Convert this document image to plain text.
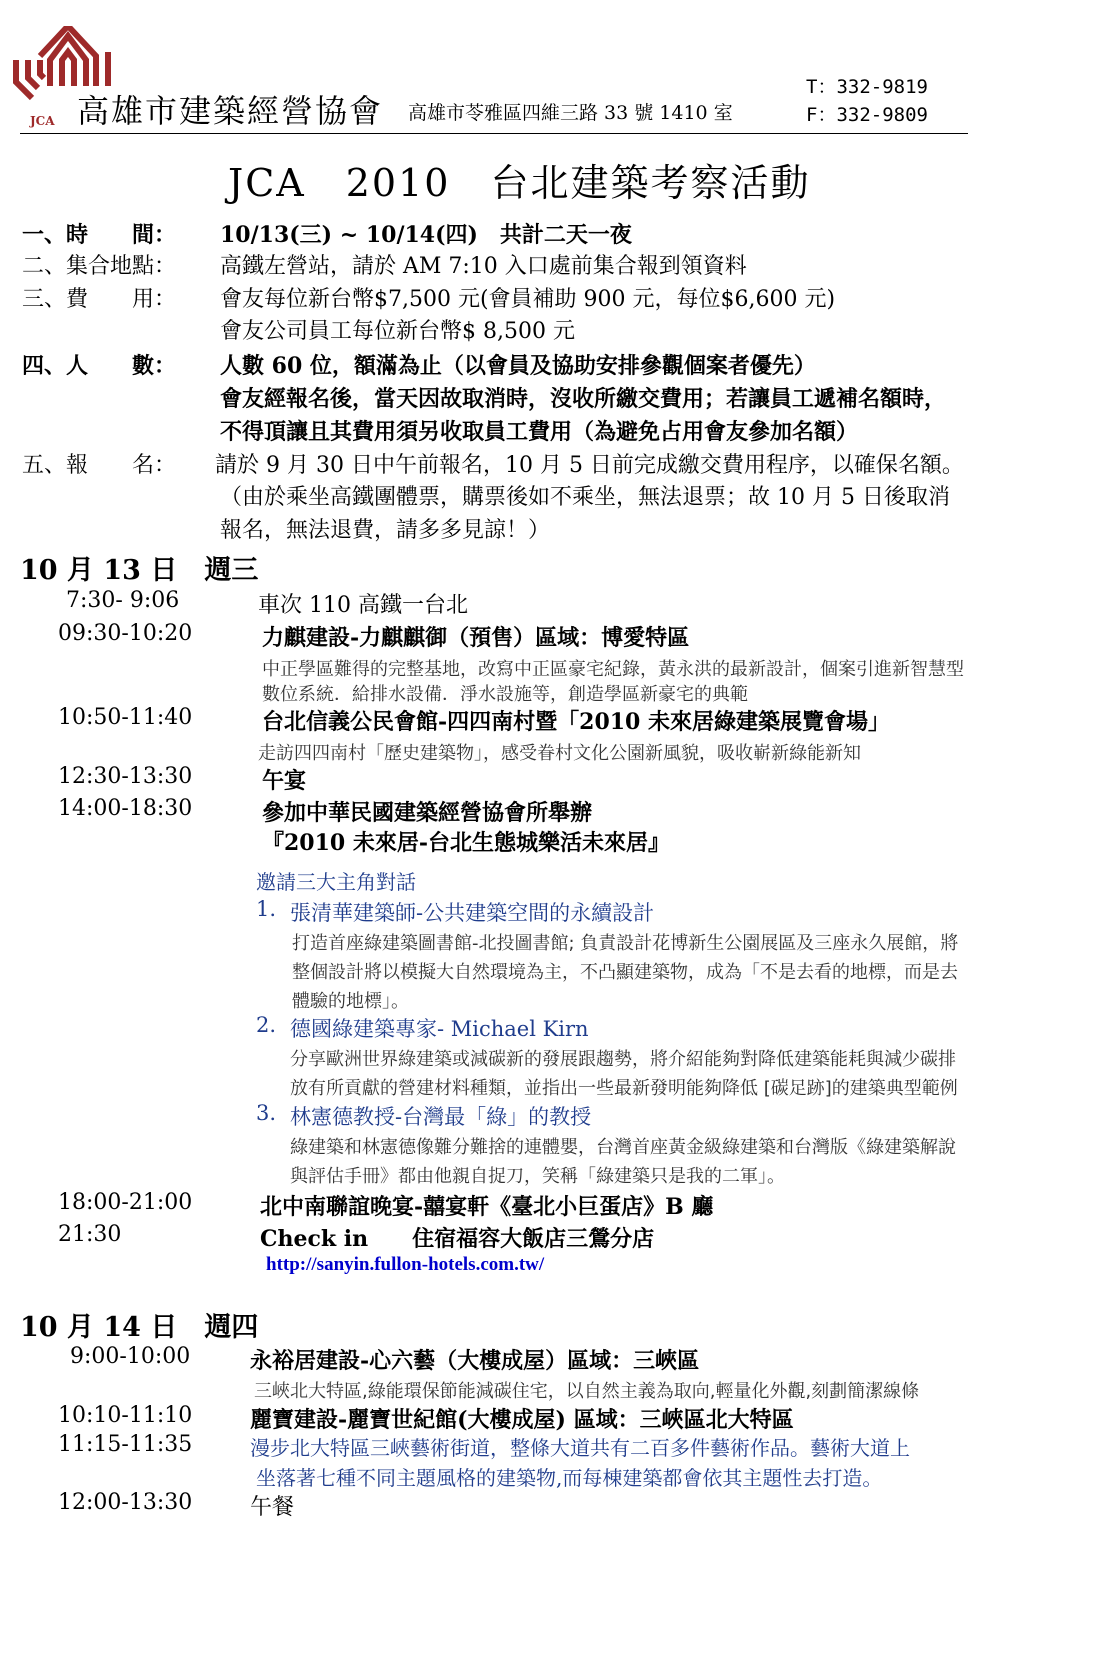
JCA 高雄市建築經營協會 高雄市苓雅區四維三路 33 號 1410 室
T：332-9819
F：332-9809
JCA　2010　台北建築考察活動
一、時　　間：	10/13(三) ~ 10/14(四)　共計二天一夜
二、集合地點：	高鐵左營站，請於 AM 7:10 入口處前集合報到領資料
三、費　　用：	會友每位新台幣$7,500 元(會員補助 900 元，每位$6,600 元)
會友公司員工每位新台幣$ 8,500 元
四、人　　數：	人數 60 位，額滿為止（以會員及協助安排參觀個案者優先）
會友經報名後，當天因故取消時，沒收所繳交費用；若讓員工遞補名額時，
不得頂讓且其費用須另收取員工費用（為避免占用會友參加名額）
五、報　　名：	請於 9 月 30 日中午前報名，10 月 5 日前完成繳交費用程序，以確保名額。
（由於乘坐高鐵團體票，購票後如不乘坐，無法退票；故 10 月 5 日後取消
報名，無法退費，請多多見諒！）
10 月 13 日　週三
7:30- 9:06	車次 110 高鐵一台北
09:30-10:20	力麒建設-力麒麒御（預售）區域：博愛特區
中正學區難得的完整基地，改寫中正區豪宅紀錄，黃永洪的最新設計，個案引進新智慧型
數位系統．給排水設備．淨水設施等，創造學區新豪宅的典範
10:50-11:40	台北信義公民會館-四四南村暨「2010 未來居綠建築展覽會場」
走訪四四南村「歷史建築物」，感受眷村文化公園新風貌，吸收嶄新綠能新知
12:30-13:30	午宴
14:00-18:30	參加中華民國建築經營協會所舉辦
『2010 未來居-台北生態城樂活未來居』
邀請三大主角對話
1. 張清華建築師-公共建築空間的永續設計
打造首座綠建築圖書館-北投圖書館; 負責設計花博新生公園展區及三座永久展館，將
整個設計將以模擬大自然環境為主，不凸顯建築物，成為「不是去看的地標，而是去
體驗的地標」。
2. 德國綠建築專家- Michael Kirn
分享歐洲世界綠建築或減碳新的發展跟趨勢，將介紹能夠對降低建築能耗與減少碳排
放有所貢獻的營建材料種類，並指出一些最新發明能夠降低 [碳足跡]的建築典型範例
3. 林憲德教授-台灣最「綠」的教授
綠建築和林憲德像難分難捨的連體嬰，台灣首座黃金級綠建築和台灣版《綠建築解說
與評估手冊》都由他親自捉刀，笑稱「綠建築只是我的二軍」。
18:00-21:00	北中南聯誼晚宴-囍宴軒《臺北小巨蛋店》B 廳
21:30	Check in　　住宿福容大飯店三鶯分店
http://sanyin.fullon-hotels.com.tw/
10 月 14 日　週四
9:00-10:00	永裕居建設-心六藝（大樓成屋）區域：三峽區
三峽北大特區,綠能環保節能減碳住宅，以自然主義為取向,輕量化外觀,刻劃簡潔線條
10:10-11:10	麗寶建設-麗寶世紀館(大樓成屋) 區域：三峽區北大特區
11:15-11:35	漫步北大特區三峽藝術街道，整條大道共有二百多件藝術作品。藝術大道上
坐落著七種不同主題風格的建築物,而每棟建築都會依其主題性去打造。
12:00-13:30	午餐
